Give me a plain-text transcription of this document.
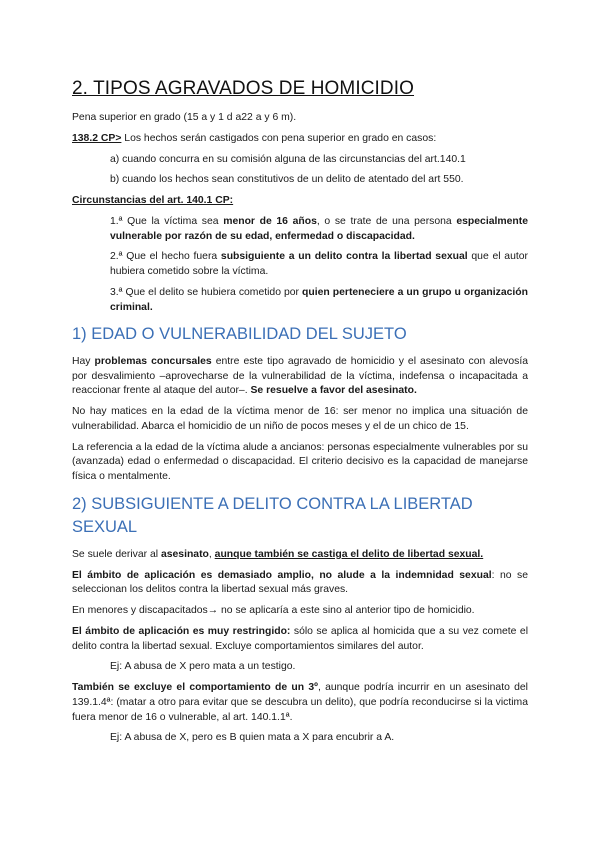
2. TIPOS AGRAVADOS DE HOMICIDIO

Pena superior en grado (15 a y 1 d a22 a y 6 m).

138.2 CP> Los hechos serán castigados con pena superior en grado en casos:

a) cuando concurra en su comisión alguna de las circunstancias del art.140.1

b) cuando los hechos sean constitutivos de un delito de atentado del art 550.

Circunstancias del art. 140.1 CP:

1.ª Que la víctima sea menor de 16 años, o se trate de una persona especialmente vulnerable por razón de su edad, enfermedad o discapacidad.

2.ª Que el hecho fuera subsiguiente a un delito contra la libertad sexual que el autor hubiera cometido sobre la víctima.

3.ª Que el delito se hubiera cometido por quien perteneciere a un grupo u organización criminal.

1) EDAD O VULNERABILIDAD DEL SUJETO

Hay problemas concursales entre este tipo agravado de homicidio y el asesinato con alevosía por desvalimiento –aprovecharse de la vulnerabilidad de la víctima, indefensa o incapacitada a reaccionar frente al ataque del autor–. Se resuelve a favor del asesinato.

No hay matices en la edad de la víctima menor de 16: ser menor no implica una situación de vulnerabilidad. Abarca el homicidio de un niño de pocos meses y el de un chico de 15.

La referencia a la edad de la víctima alude a ancianos: personas especialmente vulnerables por su (avanzada) edad o enfermedad o discapacidad. El criterio decisivo es la capacidad de manejarse física o mentalmente.

2) SUBSIGUIENTE A DELITO CONTRA LA LIBERTAD SEXUAL

Se suele derivar al asesinato, aunque también se castiga el delito de libertad sexual.

El ámbito de aplicación es demasiado amplio, no alude a la indemnidad sexual: no se seleccionan los delitos contra la libertad sexual más graves.

En menores y discapacitados→ no se aplicaría a este sino al anterior tipo de homicidio.

El ámbito de aplicación es muy restringido: sólo se aplica al homicida que a su vez comete el delito contra la libertad sexual. Excluye comportamientos similares del autor.

Ej: A abusa de X pero mata a un testigo.

También se excluye el comportamiento de un 3º, aunque podría incurrir en un asesinato del 139.1.4ª: (matar a otro para evitar que se descubra un delito), que podría reconducirse si la victima fuera menor de 16 o vulnerable, al art. 140.1.1ª.

Ej: A abusa de X, pero es B quien mata a X para encubrir a A.
